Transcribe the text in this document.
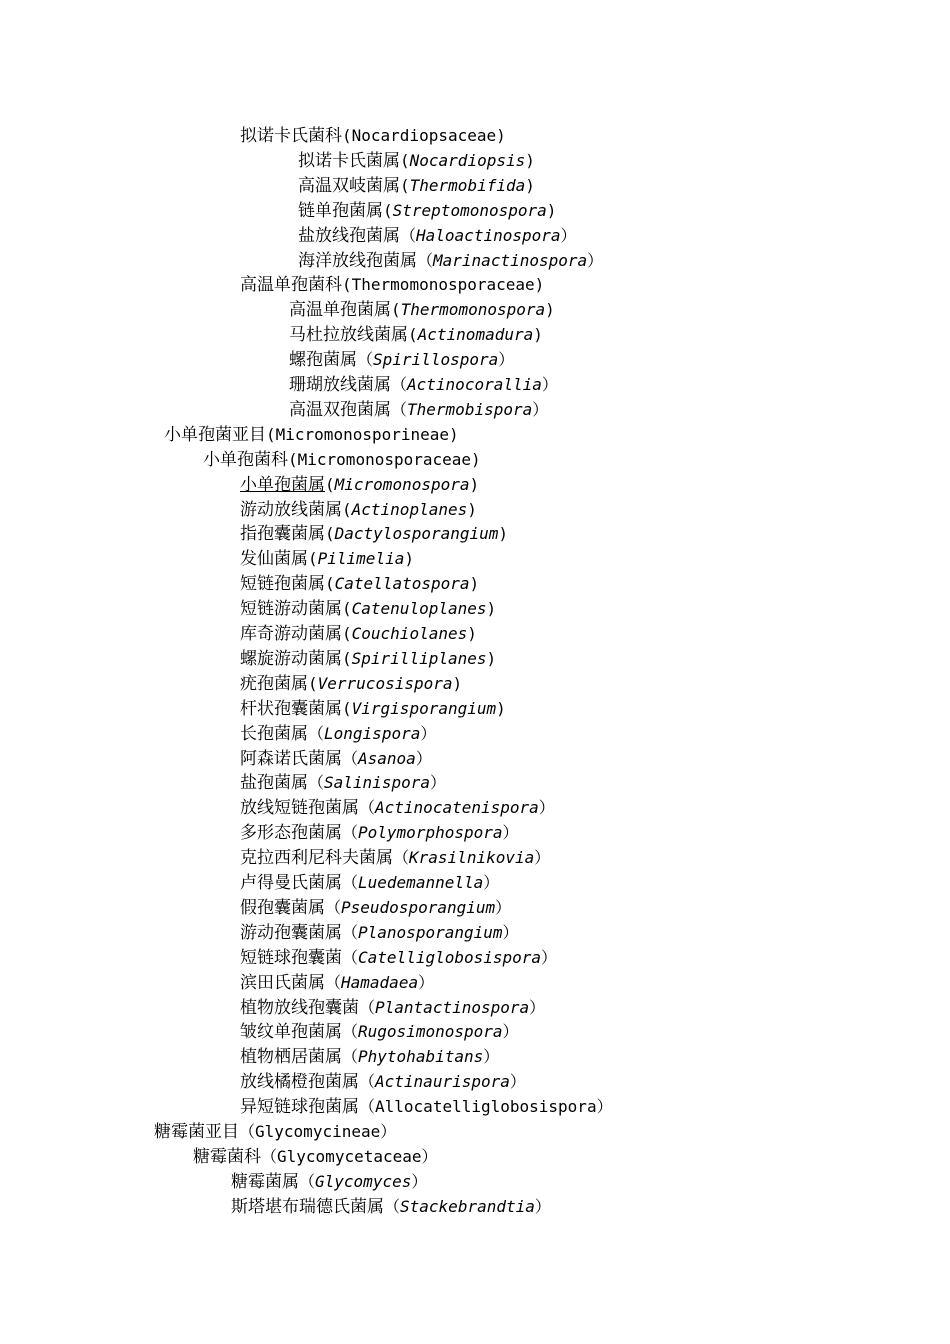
拟诺卡氏菌科(Nocardiopsaceae)
拟诺卡氏菌属(Nocardiopsis)
高温双岐菌属(Thermobifida)
链单孢菌属(Streptomonospora)
盐放线孢菌属（Haloactinospora）
海洋放线孢菌属（Marinactinospora）
高温单孢菌科(Thermomonosporaceae)
高温单孢菌属(Thermomonospora)
马杜拉放线菌属(Actinomadura)
螺孢菌属（Spirillospora）
珊瑚放线菌属（Actinocorallia）
高温双孢菌属（Thermobispora）
小单孢菌亚目(Micromonosporineae)
小单孢菌科(Micromonosporaceae)
小单孢菌属(Micromonospora)
游动放线菌属(Actinoplanes)
指孢囊菌属(Dactylosporangium)
发仙菌属(Pilimelia)
短链孢菌属(Catellatospora)
短链游动菌属(Catenuloplanes)
库奇游动菌属(Couchiolanes)
螺旋游动菌属(Spirilliplanes)
疣孢菌属(Verrucosispora)
杆状孢囊菌属(Virgisporangium)
长孢菌属（Longispora）
阿森诺氏菌属（Asanoa）
盐孢菌属（Salinispora）
放线短链孢菌属（Actinocatenispora）
多形态孢菌属（Polymorphospora）
克拉西利尼科夫菌属（Krasilnikovia）
卢得曼氏菌属（Luedemannella）
假孢囊菌属（Pseudosporangium）
游动孢囊菌属（Planosporangium）
短链球孢囊菌（Catelliglobosispora）
滨田氏菌属（Hamadaea）
植物放线孢囊菌（Plantactinospora）
皱纹单孢菌属（Rugosimonospora）
植物栖居菌属（Phytohabitans）
放线橘橙孢菌属（Actinaurispora）
异短链球孢菌属（Allocatelliglobosispora）
糖霉菌亚目（Glycomycineae）
糖霉菌科（Glycomycetaceae）
糖霉菌属（Glycomyces）
斯塔堪布瑞德氏菌属（Stackebrandtia）
